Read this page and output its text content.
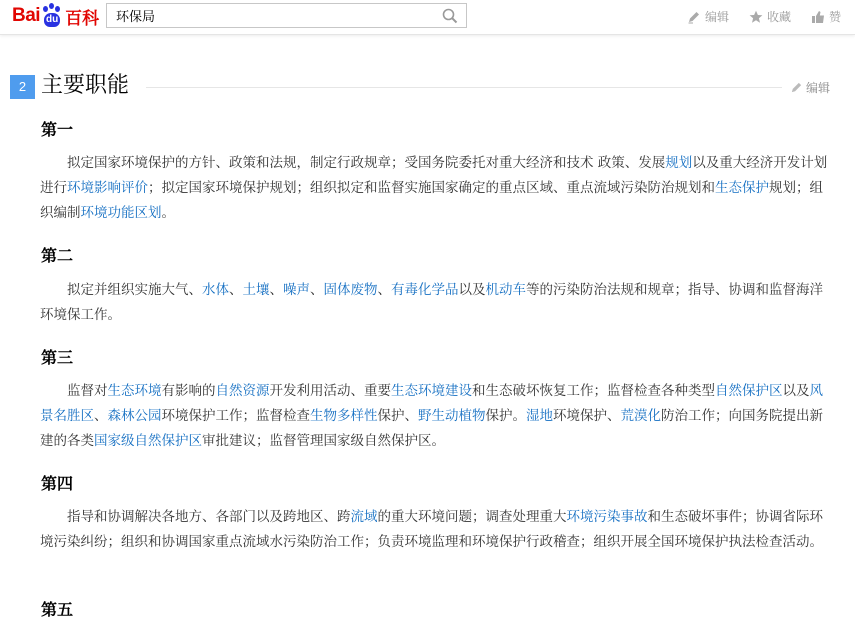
Bai du 百科
环保局	编辑	收藏	赞
2 主要职能	编辑
第一
拟定国家环境保护的方针、政策和法规，制定行政规章；受国务院委托对重大经济和技术 政策、发展规划以及重大经济开发计划进行环境影响评价；拟定国家环境保护规划；组织拟定和监督实施国家确定的重点区域、重点流域污染防治规划和生态保护规划；组织编制环境功能区划。
第二
拟定并组织实施大气、水体、土壤、噪声、固体废物、有毒化学品以及机动车等的污染防治法规和规章；指导、协调和监督海洋环境保工作。
第三
监督对生态环境有影响的自然资源开发利用活动、重要生态环境建设和生态破坏恢复工作；监督检查各种类型自然保护区以及风景名胜区、森林公园环境保护工作；监督检查生物多样性保护、野生动植物保护。湿地环境保护、荒漠化防治工作；向国务院提出新建的各类国家级自然保护区审批建议；监督管理国家级自然保护区。
第四
指导和协调解决各地方、各部门以及跨地区、跨流域的重大环境问题；调查处理重大环境污染事故和生态破坏事件；协调省际环境污染纠纷；组织和协调国家重点流域水污染防治工作；负责环境监理和环境保护行政稽查；组织开展全国环境保护执法检查活动。
第五
